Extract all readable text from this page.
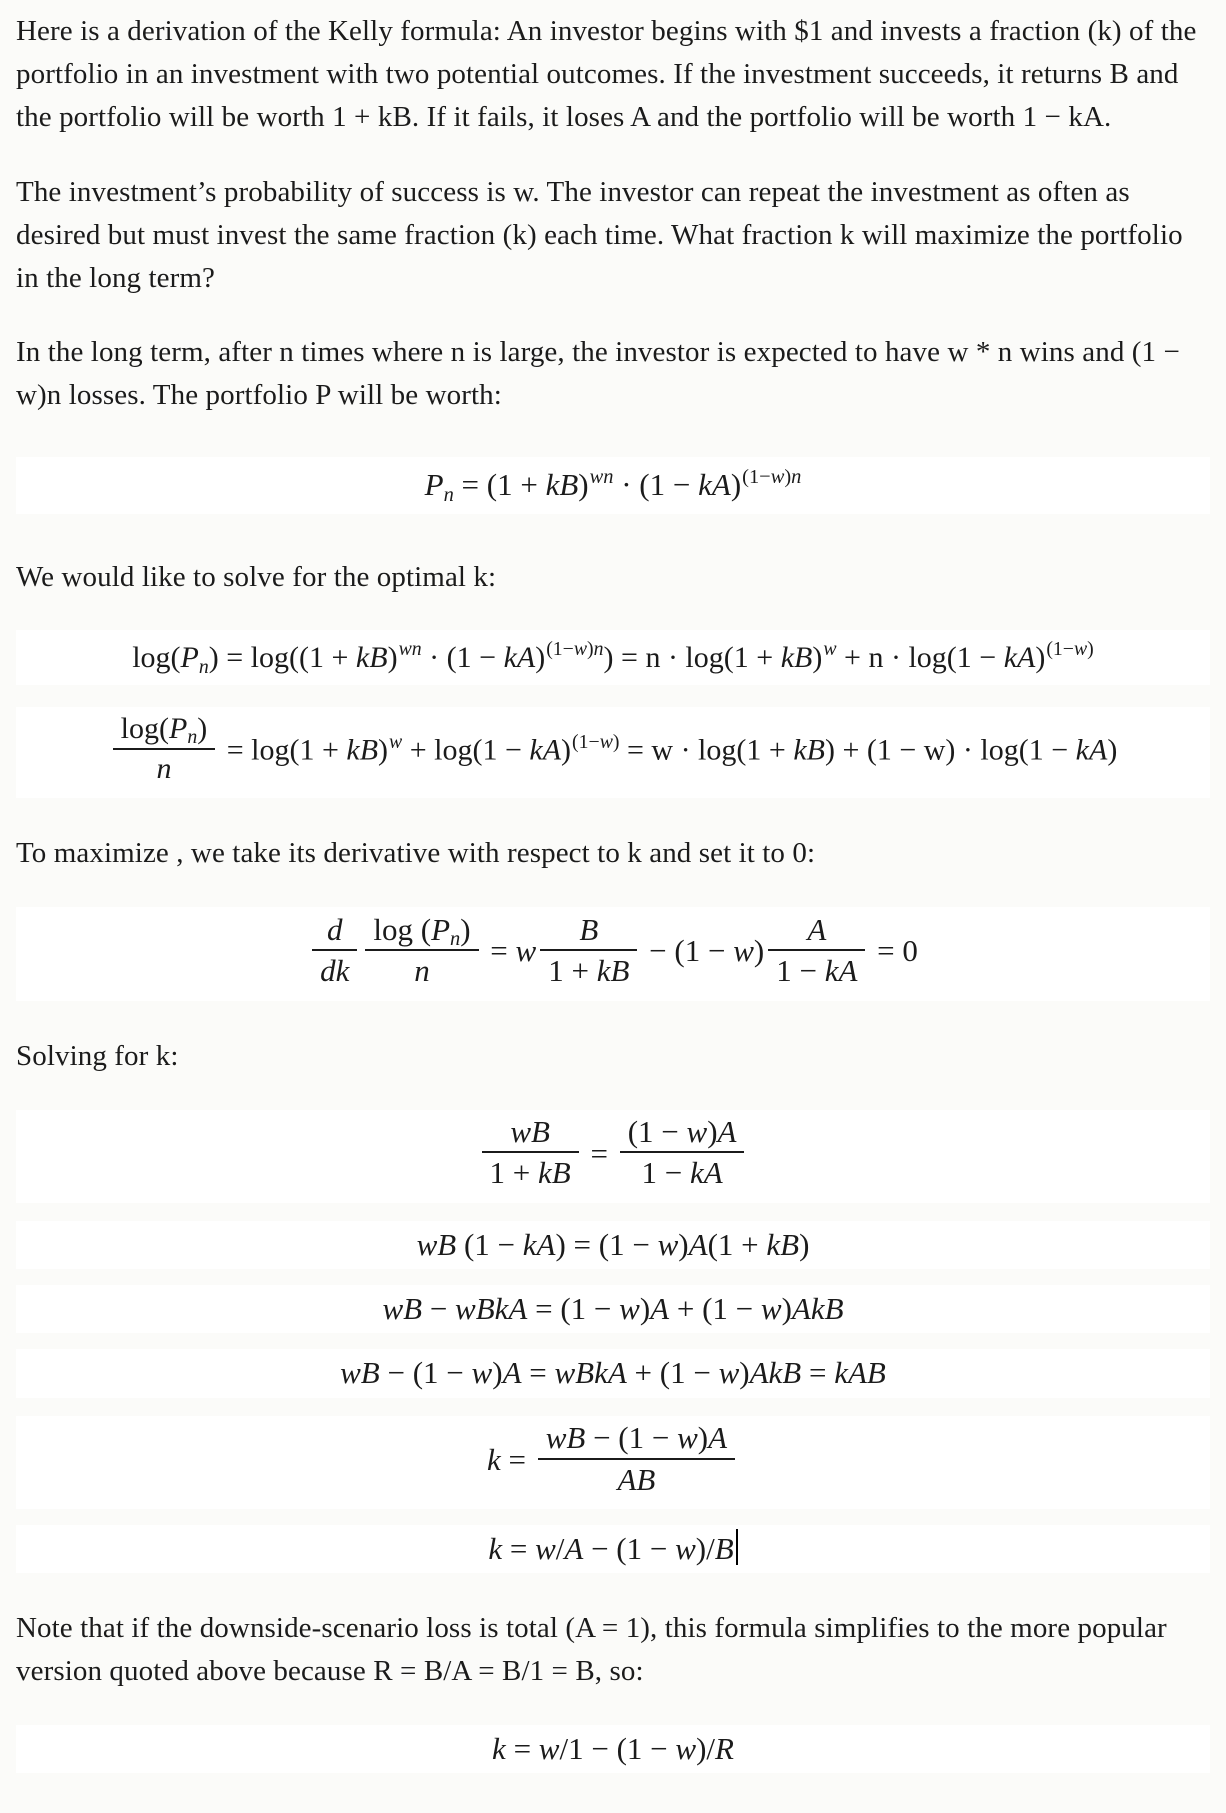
Here is a derivation of the Kelly formula: An investor begins with $1 and invests a fraction (k) of the portfolio in an investment with two potential outcomes. If the investment succeeds, it returns B and the portfolio will be worth 1 + kB. If it fails, it loses A and the portfolio will be worth 1 − kA.

The investment’s probability of success is w. The investor can repeat the investment as often as desired but must invest the same fraction (k) each time. What fraction k will maximize the portfolio in the long term?

In the long term, after n times where n is large, the investor is expected to have w * n wins and (1 − w)n losses. The portfolio P will be worth:

Pn = (1 + kB)wn · (1 − kA)(1−w)n

We would like to solve for the optimal k:

log(Pn) = log((1 + kB)wn · (1 − kA)(1−w)n) = n · log(1 + kB)w + n · log(1 − kA)(1−w)
$\frac{\log(Pn)}{n} = \log(1 + kB)w + \log(1 - kA)(1-w) = w \cdot \log(1 + kB) + (1 - w) \cdot \log(1 - kA)$

To maximize , we take its derivative with respect to k and set it to 0:

$\frac{d}{dk} \frac{\log (Pn)}{n} = w \frac{B}{1 + kB} - (1 - w) \frac{A}{1 - kA} = 0$

Solving for k:

$\frac{wB}{1 + kB} = \frac{(1 - w)A}{1 - kA}$
wB (1 − kA) = (1 − w)A(1 + kB)
wB − wBkA = (1 − w)A + (1 − w)AkB
wB − (1 − w)A = wBkA + (1 − w)AkB = kAB
$k = \frac{wB - (1 - w)A}{AB}$
k = w/A − (1 − w)/B

Note that if the downside-scenario loss is total (A = 1), this formula simplifies to the more popular version quoted above because R = B/A = B/1 = B, so:

k = w/1 − (1 − w)/R
